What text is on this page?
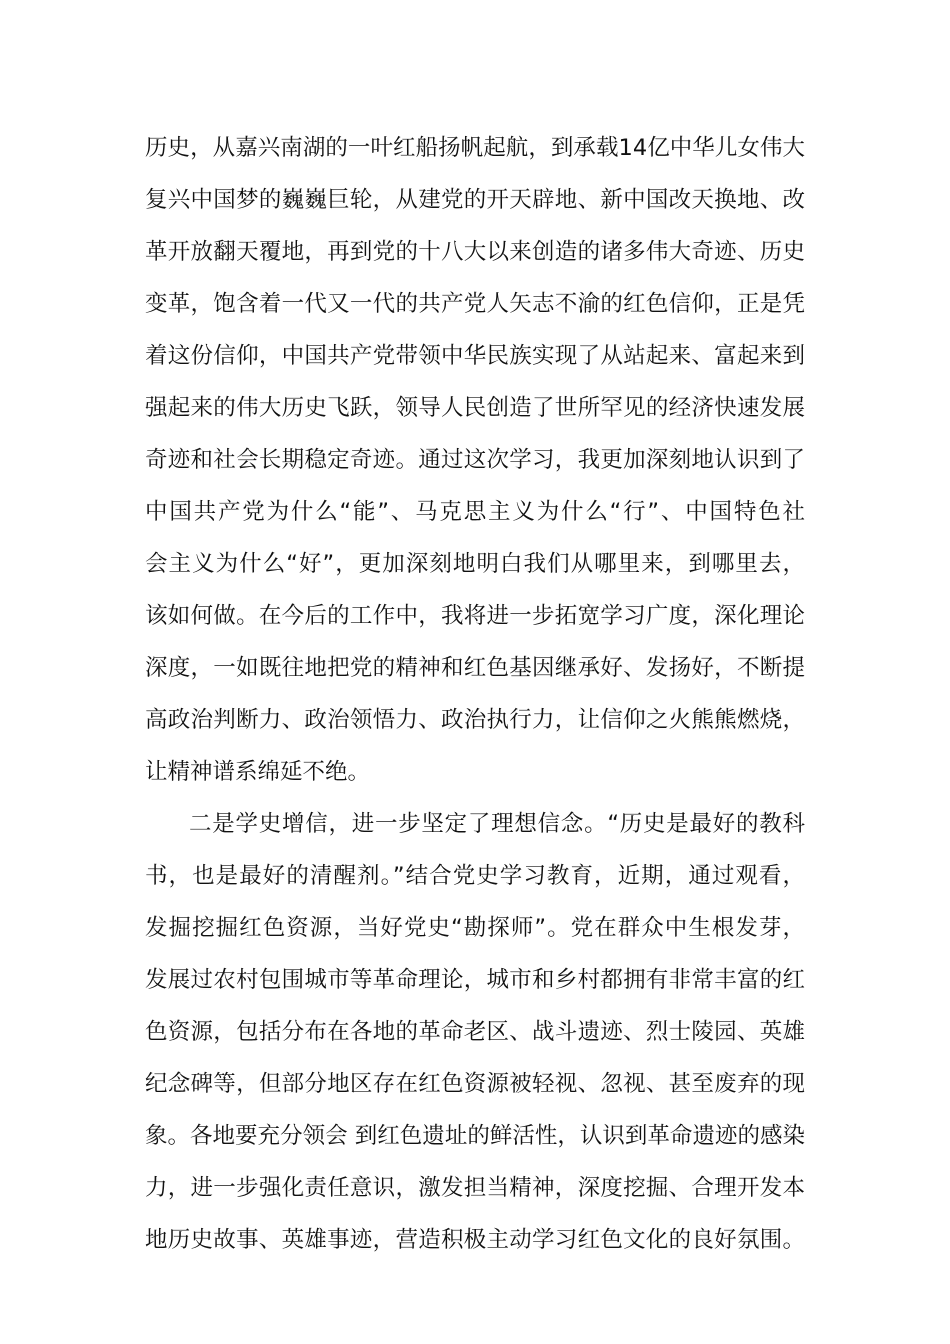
历史，从嘉兴南湖的一叶红船扬帆起航，到承载14亿中华儿女伟大
复兴中国梦的巍巍巨轮，从建党的开天辟地、新中国改天换地、改
革开放翻天覆地，再到党的十八大以来创造的诸多伟大奇迹、历史
变革，饱含着一代又一代的共产党人矢志不渝的红色信仰，正是凭
着这份信仰，中国共产党带领中华民族实现了从站起来、富起来到
强起来的伟大历史飞跃，领导人民创造了世所罕见的经济快速发展
奇迹和社会长期稳定奇迹。通过这次学习，我更加深刻地认识到了
中国共产党为什么“能”、马克思主义为什么“行”、中国特色社
会主义为什么“好”，更加深刻地明白我们从哪里来，到哪里去，
该如何做。在今后的工作中，我将进一步拓宽学习广度，深化理论
深度，一如既往地把党的精神和红色基因继承好、发扬好，不断提
高政治判断力、政治领悟力、政治执行力，让信仰之火熊熊燃烧，
让精神谱系绵延不绝。
二是学史增信，进一步坚定了理想信念。“历史是最好的教科
书，也是最好的清醒剂。”结合党史学习教育，近期，通过观看，
发掘挖掘红色资源，当好党史“勘探师”。党在群众中生根发芽，
发展过农村包围城市等革命理论，城市和乡村都拥有非常丰富的红
色资源，包括分布在各地的革命老区、战斗遗迹、烈士陵园、英雄
纪念碑等，但部分地区存在红色资源被轻视、忽视、甚至废弃的现
象。各地要充分领会 到红色遗址的鲜活性，认识到革命遗迹的感染
力，进一步强化责任意识，激发担当精神，深度挖掘、合理开发本
地历史故事、英雄事迹，营造积极主动学习红色文化的良好氛围。
